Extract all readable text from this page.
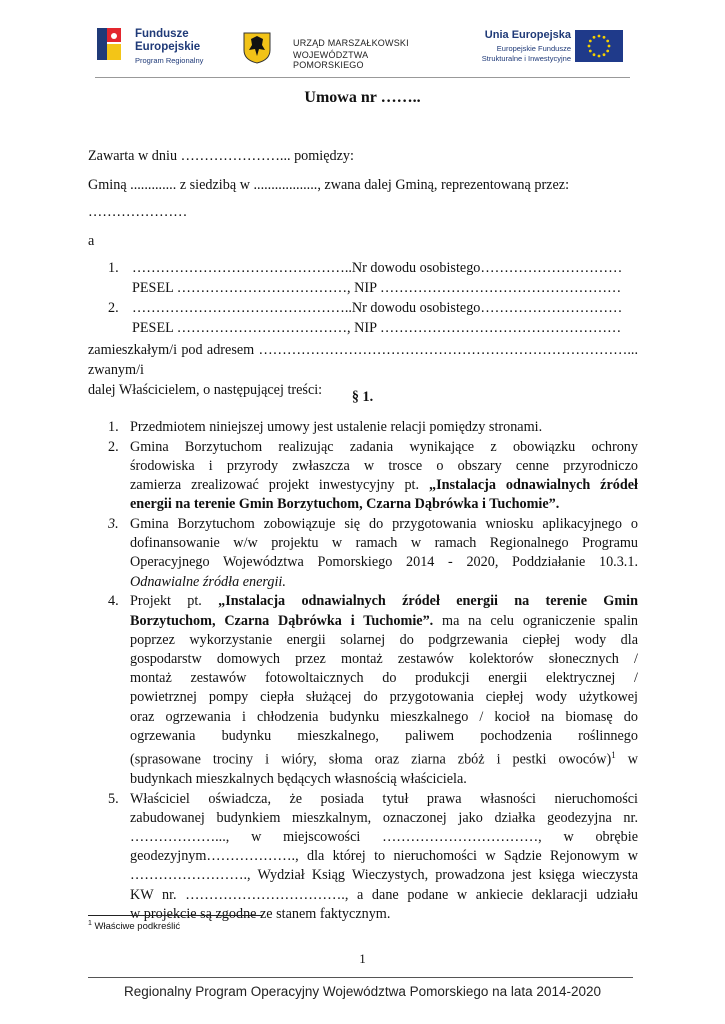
Fundusze
Europejskie
Program Regionalny
URZĄD MARSZAŁKOWSKI
WOJEWÓDZTWA POMORSKIEGO
Unia Europejska
Europejskie Fundusze
Strukturalne i Inwestycyjne
Umowa nr ……..
Zawarta w dniu …………………... pomiędzy:
Gminą ............. z siedzibą w .................., zwana dalej Gminą, reprezentowaną przez:
…………………
a
1. ………………………………………..Nr dowodu osobistego…………………………
PESEL ………………………………, NIP ……………………………………………
2. ………………………………………..Nr dowodu osobistego…………………………
PESEL ………………………………, NIP ……………………………………………
zamieszkałym/i pod adresem ……………………………………………………………………... zwanym/i
dalej Właścicielem, o następującej treści:	§ 1.
1. Przedmiotem niniejszej umowy jest ustalenie relacji pomiędzy stronami.
2. Gmina Borzytuchom realizując zadania wynikające z obowiązku ochrony
środowiska i przyrody zwłaszcza w trosce o obszary cenne przyrodniczo
zamierza zrealizować projekt inwestycyjny pt. „Instalacja odnawialnych źródeł
energii na terenie Gmin Borzytuchom, Czarna Dąbrówka i Tuchomie”.
3. Gmina Borzytuchom zobowiązuje się do przygotowania wniosku aplikacyjnego o
dofinansowanie w/w projektu w ramach w ramach Regionalnego Programu
Operacyjnego Województwa Pomorskiego 2014 - 2020, Poddziałanie 10.3.1.
Odnawialne źródła energii.
4. Projekt pt. „Instalacja odnawialnych źródeł energii na terenie Gmin
Borzytuchom, Czarna Dąbrówka i Tuchomie”. ma na celu ograniczenie spalin
poprzez wykorzystanie energii solarnej do podgrzewania ciepłej wody dla
gospodarstw domowych przez montaż zestawów kolektorów słonecznych /
montaż zestawów fotowoltaicznych do produkcji energii elektrycznej /
powietrznej pompy ciepła służącej do przygotowania ciepłej wody użytkowej
oraz ogrzewania i chłodzenia budynku mieszkalnego / kocioł na biomasę do
ogrzewania budynku mieszkalnego, paliwem pochodzenia roślinnego
(sprasowane trociny i wióry, słoma oraz ziarna zbóż i pestki owoców)$^1$ w
budynkach mieszkalnych będących własnością właściciela.
5. Właściciel oświadcza, że posiada tytuł prawa własności nieruchomości
zabudowanej budynkiem mieszkalnym, oznaczonej jako działka geodezyjna nr.
………………..., w miejscowości ……………………………, w obrębie
geodezyjnym………………., dla której to nieruchomości w Sądzie Rejonowym w
……………………., Wydział Ksiąg Wieczystych, prowadzona jest księga wieczysta
KW nr. ……………………………., a dane podane w ankiecie deklaracji udziału
w projekcie są zgodne ze stanem faktycznym.
$^1$ Właściwe podkreślić
1
Regionalny Program Operacyjny Województwa Pomorskiego na lata 2014-2020
